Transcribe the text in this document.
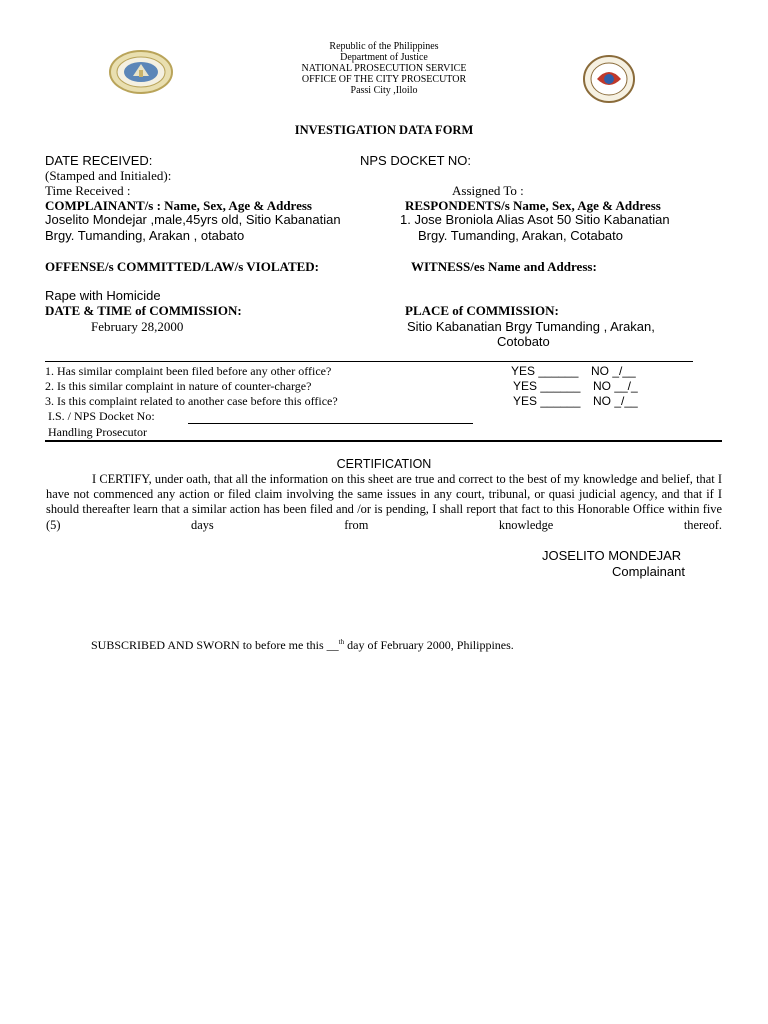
Republic of the Philippines
Department of Justice
NATIONAL PROSECUTION SERVICE
OFFICE OF THE CITY PROSECUTOR
Passi City ,Iloilo
INVESTIGATION DATA FORM
DATE RECEIVED:	NPS DOCKET NO:
(Stamped and Initialed):
Time Received :	Assigned To :
COMPLAINANT/s : Name, Sex, Age & Address	RESPONDENTS/s Name, Sex, Age & Address
Joselito Mondejar ,male,45yrs old, Sitio Kabanatian	1. Jose Broniola Alias Asot 50 Sitio Kabanatian
Brgy. Tumanding, Arakan , otabato	Brgy. Tumanding, Arakan, Cotabato
OFFENSE/s COMMITTED/LAW/s VIOLATED:	WITNESS/es Name and Address:
Rape with Homicide
DATE & TIME of COMMISSION:	PLACE of COMMISSION:
February 28,2000	Sitio Kabanatian Brgy Tumanding , Arakan,
Cotobato
1. Has similar complaint been filed before any other office?	YES ______ NO _/__
2. Is this similar complaint in nature of counter-charge?	YES ______ NO __/_
3. Is this complaint related to another case before this office?	YES ______ NO _/__
I.S. / NPS Docket No:
Handling Prosecutor
CERTIFICATION
I CERTIFY, under oath, that all the information on this sheet are true and correct to the best of my knowledge and belief, that I have not commenced any action or filed claim involving the same issues in any court, tribunal, or quasi judicial agency, and that if I should thereafter learn that a similar action has been filed and /or is pending, I shall report that fact to this Honorable Office within five (5) days from knowledge thereof.
JOSELITO MONDEJAR
Complainant
SUBSCRIBED AND SWORN to before me this __$^{th}$ day of February 2000, Philippines.
